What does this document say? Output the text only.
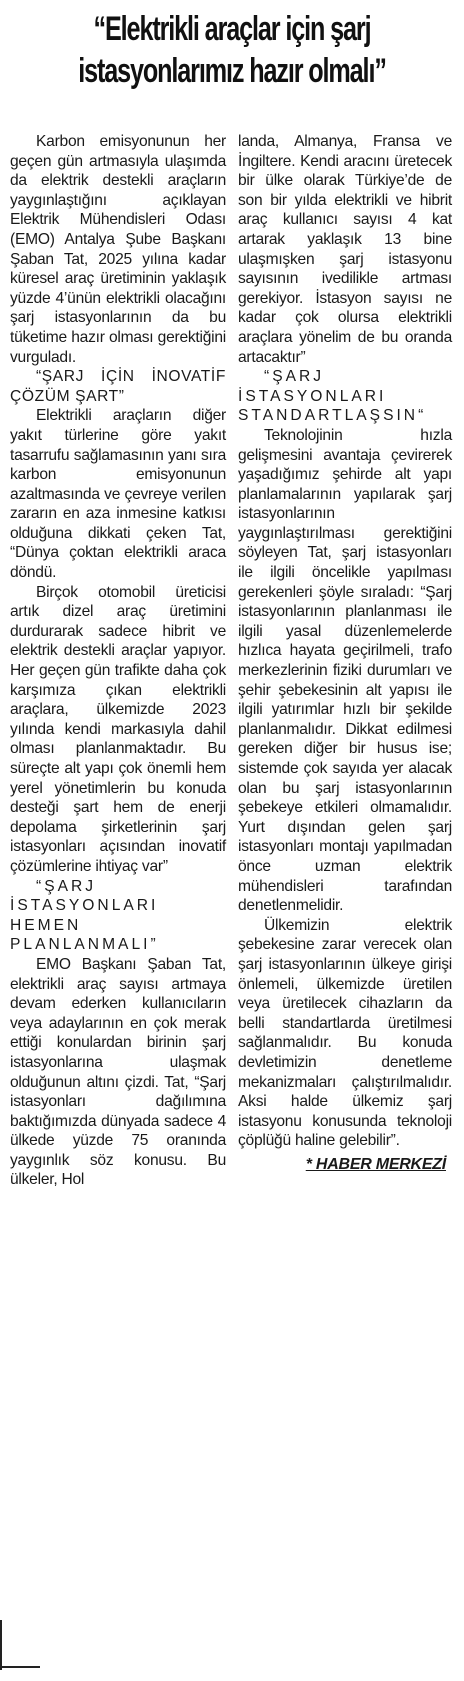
“Elektrikli araçlar için şarj
istasyonlarımız hazır olmalı”

Karbon emisyonunun her geçen gün artmasıyla ulaşımda da elektrik destekli araçların yaygınlaştığını açıklayan Elektrik Mühendisleri Odası (EMO) Antalya Şube Başkanı Şaban Tat, 2025 yılına kadar küresel araç üretiminin yaklaşık yüzde 4’ünün elektrikli olacağını şarj istasyonlarının da bu tüketime hazır olması gerektiğini vurguladı.

“ŞARJ İÇİN İNOVATİF ÇÖZÜM ŞART”

Elektrikli araçların diğer yakıt türlerine göre yakıt tasarrufu sağlamasının yanı sıra karbon emisyonunun azaltmasında ve çevreye verilen zararın en aza inmesine katkısı olduğuna dikkati çeken Tat, “Dünya çoktan elektrikli araca döndü.

Birçok otomobil üreticisi artık dizel araç üretimini durdurarak sadece hibrit ve elektrik destekli araçlar yapıyor. Her geçen gün trafikte daha çok karşımıza çıkan elektrikli araçlara, ülkemizde 2023 yılında kendi markasıyla dahil olması planlanmaktadır. Bu süreçte alt yapı çok önemli hem yerel yönetimlerin bu konuda desteği şart hem de enerji depolama şirketlerinin şarj istasyonları açısından inovatif çözümlerine ihtiyaç var”

“ŞARJ İSTASYONLARI HEMEN PLANLANMALI”

EMO Başkanı Şaban Tat, elektrikli araç sayısı artmaya devam ederken kullanıcıların veya adaylarının en çok merak ettiği konulardan birinin şarj istasyonlarına ulaşmak olduğunun altını çizdi. Tat, “Şarj istasyonları dağılımına baktığımızda dünyada sadece 4 ülkede yüzde 75 oranında yaygınlık söz konusu. Bu ülkeler, Hol

landa, Almanya, Fransa ve İngiltere. Kendi aracını üretecek bir ülke olarak Türkiye’de de son bir yılda elektrikli ve hibrit araç kullanıcı sayısı 4 kat artarak yaklaşık 13 bine ulaşmışken şarj istasyonu sayısının ivedilikle artması gerekiyor. İstasyon sayısı ne kadar çok olursa elektrikli araçlara yönelim de bu oranda artacaktır”

“ŞARJ İSTASYONLARI STANDARTLAŞSIN“

Teknolojinin hızla gelişmesini avantaja çevirerek yaşadığımız şehirde alt yapı planlamalarının yapılarak şarj istasyonlarının yaygınlaştırılması gerektiğini söyleyen Tat, şarj istasyonları ile ilgili öncelikle yapılması gerekenleri şöyle sıraladı: “Şarj istasyonlarının planlanması ile ilgili yasal düzenlemelerde hızlıca hayata geçirilmeli, trafo merkezlerinin fiziki durumları ve şehir şebekesinin alt yapısı ile ilgili yatırımlar hızlı bir şekilde planlanmalıdır. Dikkat edilmesi gereken diğer bir husus ise; sistemde çok sayıda yer alacak olan bu şarj istasyonlarının şebekeye etkileri olmamalıdır. Yurt dışından gelen şarj istasyonları montajı yapılmadan önce uzman elektrik mühendisleri tarafından denetlenmelidir.

Ülkemizin elektrik şebekesine zarar verecek olan şarj istasyonlarının ülkeye girişi önlemeli, ülkemizde üretilen veya üretilecek cihazların da belli standartlarda üretilmesi sağlanmalıdır. Bu konuda devletimizin denetleme mekanizmaları çalıştırılmalıdır. Aksi halde ülkemiz şarj istasyonu konusunda teknoloji çöplüğü haline gelebilir”.

* HABER MERKEZİ
